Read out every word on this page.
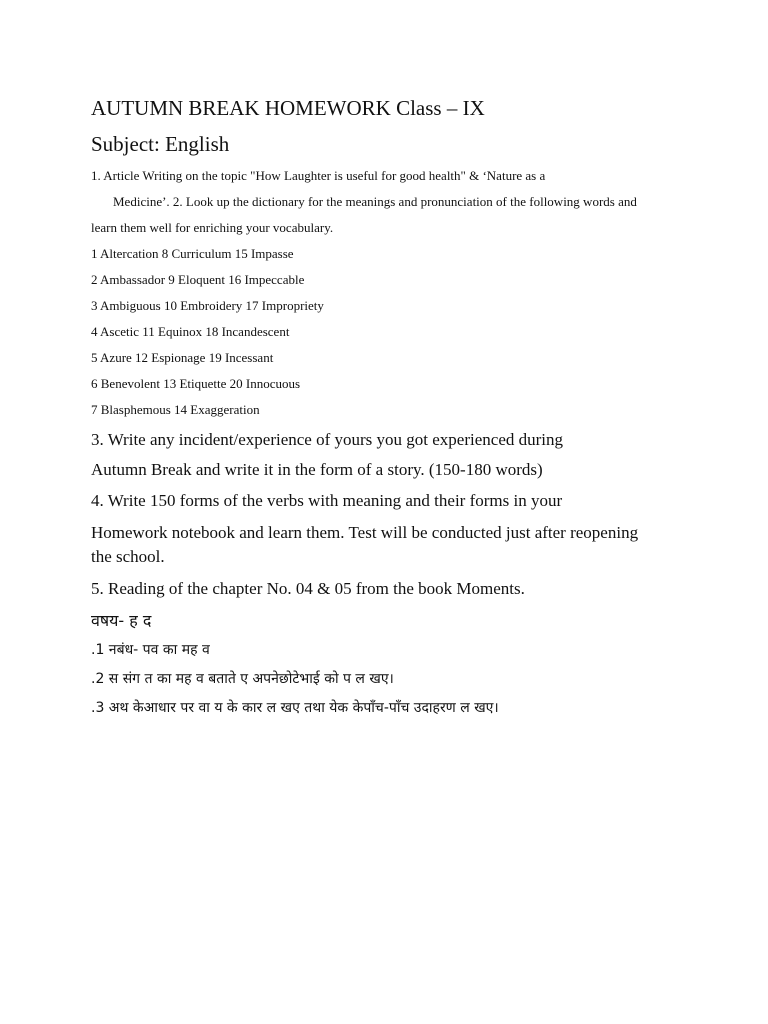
AUTUMN BREAK HOMEWORK Class – IX

Subject: English

1. Article Writing on the topic "How Laughter is useful for good health" & ‘Nature as a

Medicine’. 2. Look up the dictionary for the meanings and pronunciation of the following words and

learn them well for enriching your vocabulary.

1 Altercation 8 Curriculum 15 Impasse

2 Ambassador 9 Eloquent 16 Impeccable

3 Ambiguous 10 Embroidery 17 Impropriety

4 Ascetic 11 Equinox 18 Incandescent

5 Azure 12 Espionage 19 Incessant

6 Benevolent 13 Etiquette 20 Innocuous

7 Blasphemous 14 Exaggeration

3. Write any incident/experience of yours you got experienced during

Autumn Break and write it in the form of a story. (150-180 words)

4. Write 150 forms of the verbs with meaning and their forms in your

Homework notebook and learn them. Test will be conducted just after reopening

the school.

5. Reading of the chapter No. 04 & 05 from the book Moments.

वषय- ह द

.1 नबंध- पव का मह व

.2 स संग त का मह व बताते ए अपनेछोटेभाई को प ल खए।

.3 अथ केआधार पर वा य के कार ल खए तथा येक केपाँच-पाँच उदाहरण ल खए।
